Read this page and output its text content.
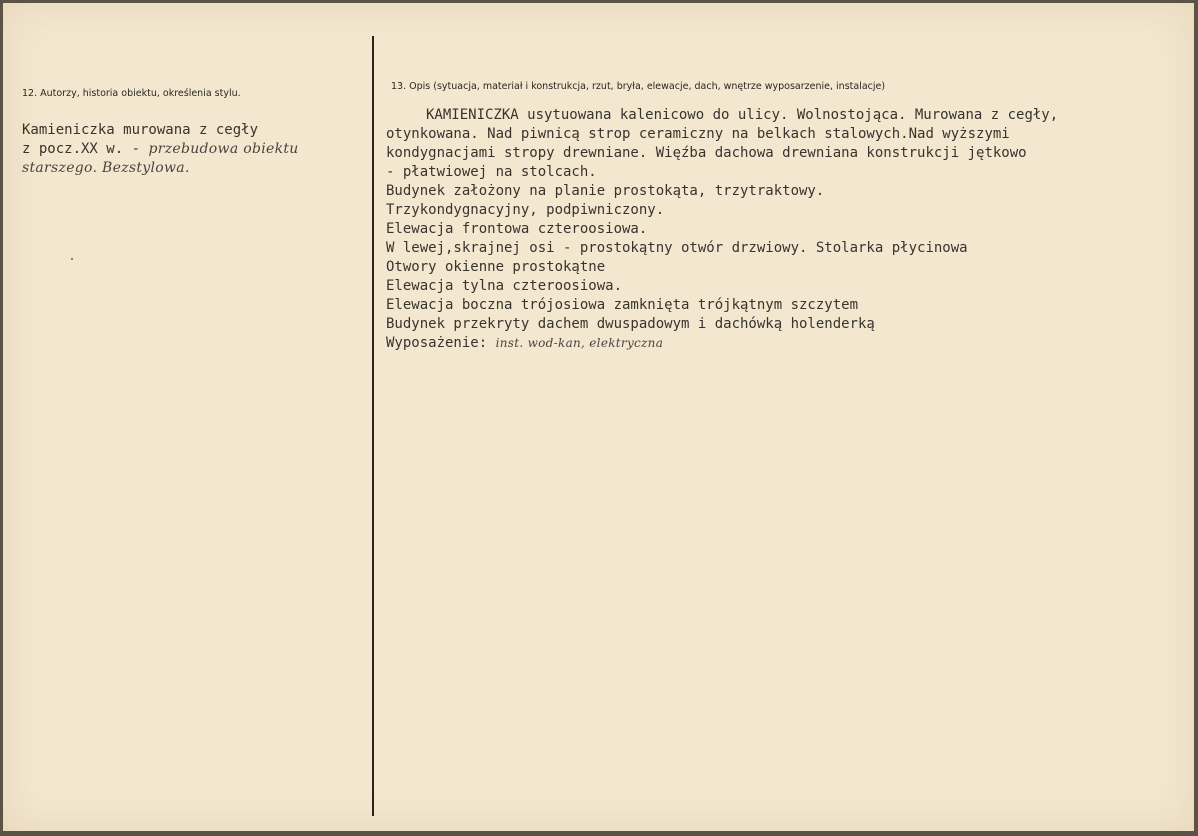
12. Autorzy, historia obiektu, określenia stylu.
13. Opis (sytuacja, materiał i konstrukcja, rzut, bryła, elewacje, dach, wnętrze wyposarzenie, instalacje)
Kamieniczka murowana z cegły
z pocz.XX w. - przebudowa obiektu
starszego. Bezstylowa.
KAMIENICZKA usytuowana kalenicowo do ulicy. Wolnostojąca. Murowana z cegły,
otynkowana. Nad piwnicą strop ceramiczny na belkach stalowych.Nad wyższymi
kondygnacjami stropy drewniane. Więźba dachowa drewniana konstrukcji jętkowo
- płatwiowej na stolcach.
Budynek założony na planie prostokąta, trzytraktowy.
Trzykondygnacyjny, podpiwniczony.
Elewacja frontowa czteroosiowa.
W lewej,skrajnej osi - prostokątny otwór drzwiowy. Stolarka płycinowa
Otwory okienne prostokątne
Elewacja tylna czteroosiowa.
Elewacja boczna trójosiowa zamknięta trójkątnym szczytem
Budynek przekryty dachem dwuspadowym i dachówką holenderką
Wyposażenie: inst. wod-kan, elektryczna
